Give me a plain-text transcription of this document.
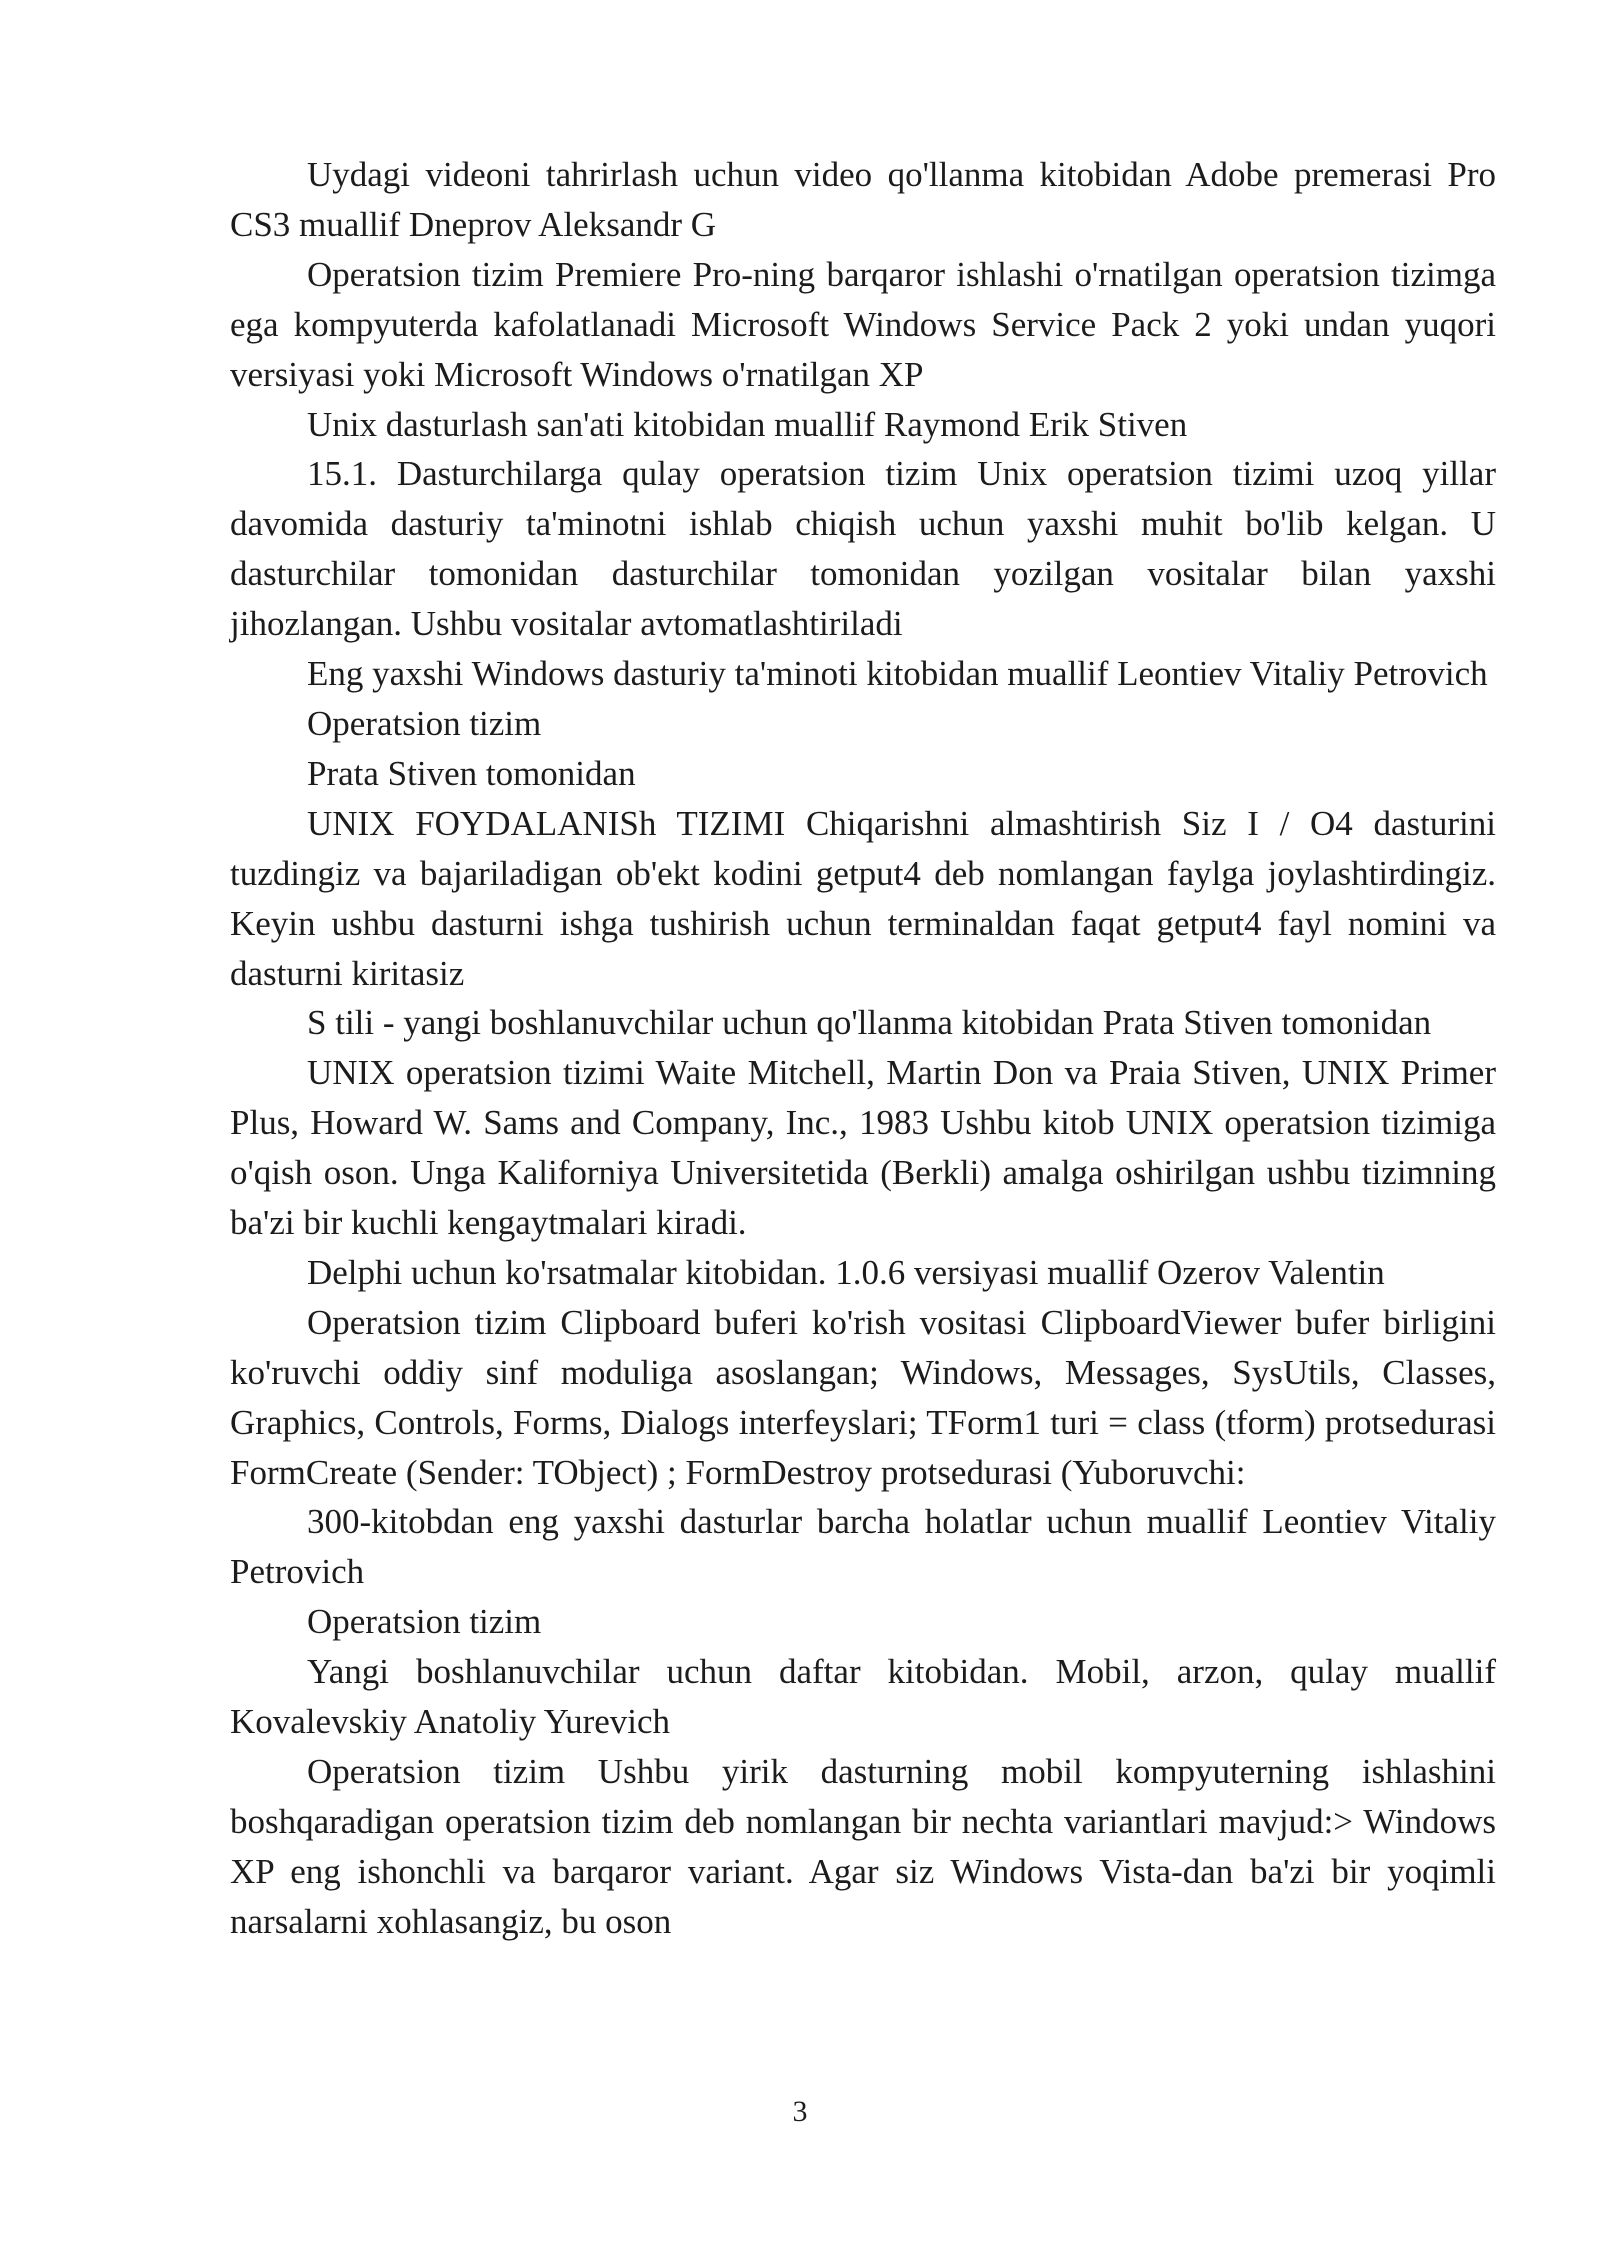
Uydagi videoni tahrirlash uchun video qo'llanma kitobidan Adobe premerasi Pro CS3 muallif Dneprov Aleksandr G

Operatsion tizim Premiere Pro-ning barqaror ishlashi o'rnatilgan operatsion tizimga ega kompyuterda kafolatlanadi Microsoft Windows Service Pack 2 yoki undan yuqori versiyasi yoki Microsoft Windows o'rnatilgan XP

Unix dasturlash san'ati kitobidan muallif Raymond Erik Stiven

15.1. Dasturchilarga qulay operatsion tizim Unix operatsion tizimi uzoq yillar davomida dasturiy ta'minotni ishlab chiqish uchun yaxshi muhit bo'lib kelgan. U dasturchilar tomonidan dasturchilar tomonidan yozilgan vositalar bilan yaxshi jihozlangan. Ushbu vositalar avtomatlashtiriladi

Eng yaxshi Windows dasturiy ta'minoti kitobidan muallif Leontiev Vitaliy Petrovich

Operatsion tizim

Prata Stiven tomonidan

UNIX FOYDALANISh TIZIMI Chiqarishni almashtirish Siz I / O4 dasturini tuzdingiz va bajariladigan ob'ekt kodini getput4 deb nomlangan faylga joylashtirdingiz. Keyin ushbu dasturni ishga tushirish uchun terminaldan faqat getput4 fayl nomini va dasturni kiritasiz

S tili - yangi boshlanuvchilar uchun qo'llanma kitobidan Prata Stiven tomonidan

UNIX operatsion tizimi Waite Mitchell, Martin Don va Praia Stiven, UNIX Primer Plus, Howard W. Sams and Company, Inc., 1983 Ushbu kitob UNIX operatsion tizimiga o'qish oson. Unga Kaliforniya Universitetida (Berkli) amalga oshirilgan ushbu tizimning ba'zi bir kuchli kengaytmalari kiradi.

Delphi uchun ko'rsatmalar kitobidan. 1.0.6 versiyasi muallif Ozerov Valentin

Operatsion tizim Clipboard buferi ko'rish vositasi ClipboardViewer bufer birligini ko'ruvchi oddiy sinf moduliga asoslangan; Windows, Messages, SysUtils, Classes, Graphics, Controls, Forms, Dialogs interfeyslari; TForm1 turi = class (tform) protsedurasi FormCreate (Sender: TObject) ; FormDestroy protsedurasi (Yuboruvchi:

300-kitobdan eng yaxshi dasturlar barcha holatlar uchun muallif Leontiev Vitaliy Petrovich

Operatsion tizim

Yangi boshlanuvchilar uchun daftar kitobidan. Mobil, arzon, qulay muallif Kovalevskiy Anatoliy Yurevich

Operatsion tizim Ushbu yirik dasturning mobil kompyuterning ishlashini boshqaradigan operatsion tizim deb nomlangan bir nechta variantlari mavjud:> Windows XP eng ishonchli va barqaror variant. Agar siz Windows Vista-dan ba'zi bir yoqimli narsalarni xohlasangiz, bu oson

3
